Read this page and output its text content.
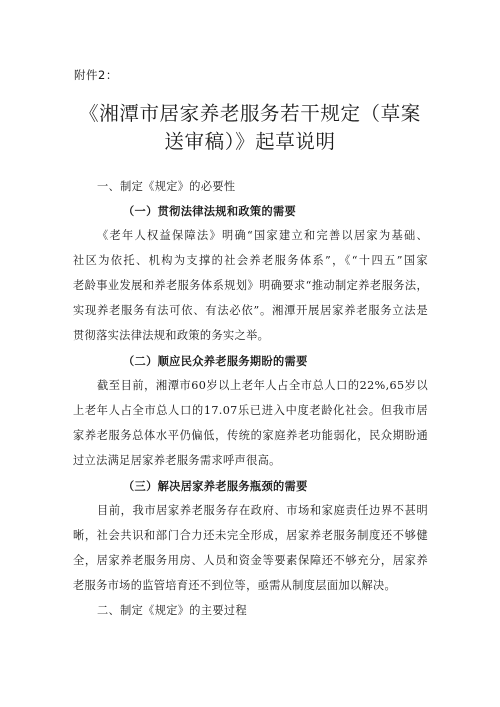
附件2：
《湘潭市居家养老服务若干规定（草案
送审稿）》起草说明
一、制定《规定》的必要性
（一）贯彻法律法规和政策的需要
《老年人权益保障法》明确“国家建立和完善以居家为基础、
社区为依托、机构为支撑的社会养老服务体系”，《“十四五”国家
老龄事业发展和养老服务体系规划》明确要求“推动制定养老服务法，
实现养老服务有法可依、有法必依”。湘潭开展居家养老服务立法是
贯彻落实法律法规和政策的务实之举。
（二）顺应民众养老服务期盼的需要
截至目前，湘潭市60岁以上老年人占全市总人口的22%,65岁以
上老年人占全市总人口的17.07乐已进入中度老龄化社会。但我市居
家养老服务总体水平仍偏低，传统的家庭养老功能弱化，民众期盼通
过立法满足居家养老服务需求呼声很高。
（三）解决居家养老服务瓶颈的需要
目前，我市居家养老服务存在政府、市场和家庭责任边界不甚明
晰，社会共识和部门合力还未完全形成，居家养老服务制度还不够健
全，居家养老服务用房、人员和资金等要素保障还不够充分，居家养
老服务市场的监管培育还不到位等，亟需从制度层面加以解决。
二、制定《规定》的主要过程
